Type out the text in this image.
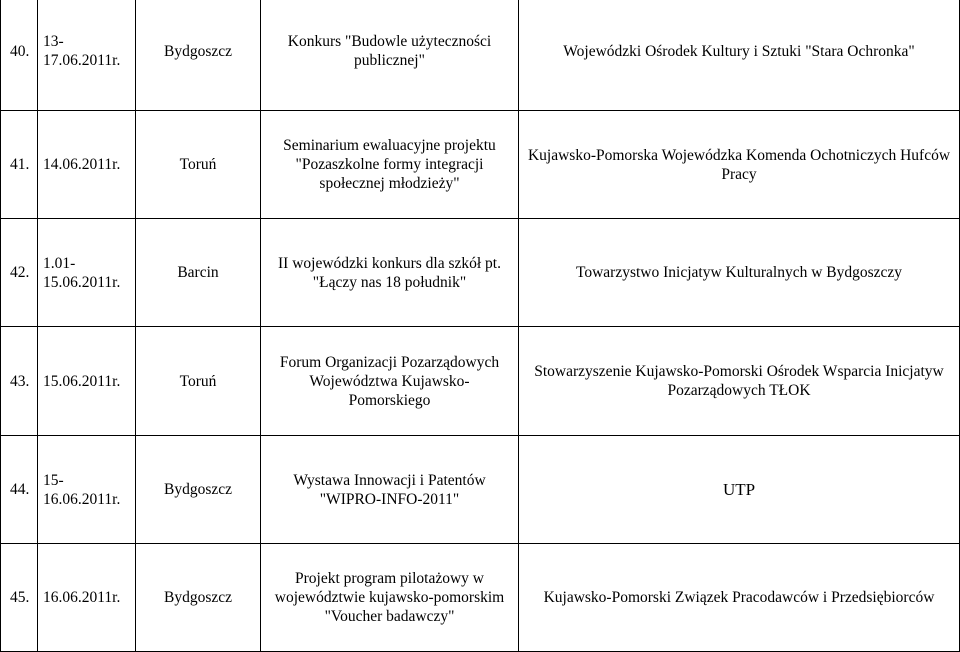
40.	13-17.06.2011r.	Bydgoszcz	Konkurs "Budowle użyteczności publicznej"	Wojewódzki Ośrodek Kultury i Sztuki "Stara Ochronka"
41.	14.06.2011r.	Toruń	Seminarium ewaluacyjne projektu "Pozaszkolne formy integracji społecznej młodzieży"	Kujawsko-Pomorska Wojewódzka Komenda Ochotniczych Hufców Pracy
42.	1.01-15.06.2011r.	Barcin	II wojewódzki konkurs dla szkół pt. "Łączy nas 18 południk"	Towarzystwo Inicjatyw Kulturalnych w Bydgoszczy
43.	15.06.2011r.	Toruń	Forum Organizacji Pozarządowych Województwa Kujawsko-Pomorskiego	Stowarzyszenie Kujawsko-Pomorski Ośrodek Wsparcia Inicjatyw Pozarządowych TŁOK
44.	15-16.06.2011r.	Bydgoszcz	Wystawa Innowacji i Patentów "WIPRO-INFO-2011"	UTP
45.	16.06.2011r.	Bydgoszcz	Projekt program pilotażowy w województwie kujawsko-pomorskim "Voucher badawczy"	Kujawsko-Pomorski Związek Pracodawców i Przedsiębiorców
